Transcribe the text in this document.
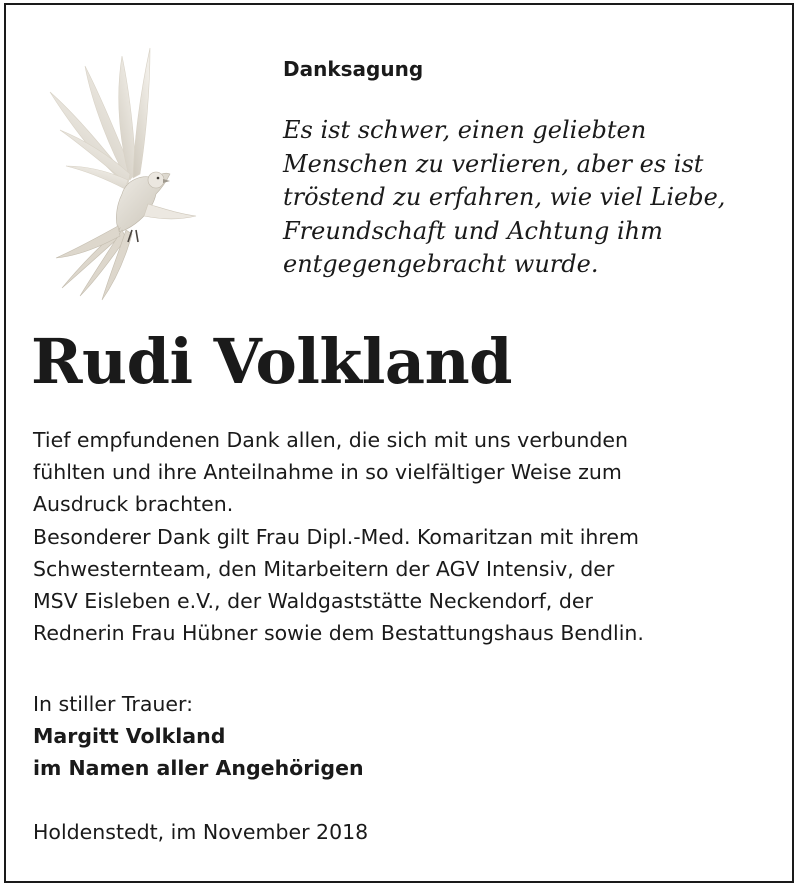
Danksagung

Es ist schwer, einen geliebten
Menschen zu verlieren, aber es ist
tröstend zu erfahren, wie viel Liebe,
Freundschaft und Achtung ihm
entgegengebracht wurde.

Rudi Volkland

Tief empfundenen Dank allen, die sich mit uns verbunden
fühlten und ihre Anteilnahme in so vielfältiger Weise zum
Ausdruck brachten.
Besonderer Dank gilt Frau Dipl.-Med. Komaritzan mit ihrem
Schwesternteam, den Mitarbeitern der AGV Intensiv, der
MSV Eisleben e.V., der Waldgaststätte Neckendorf, der
Rednerin Frau Hübner sowie dem Bestattungshaus Bendlin.

In stiller Trauer:
Margitt Volkland
im Namen aller Angehörigen

Holdenstedt, im November 2018
